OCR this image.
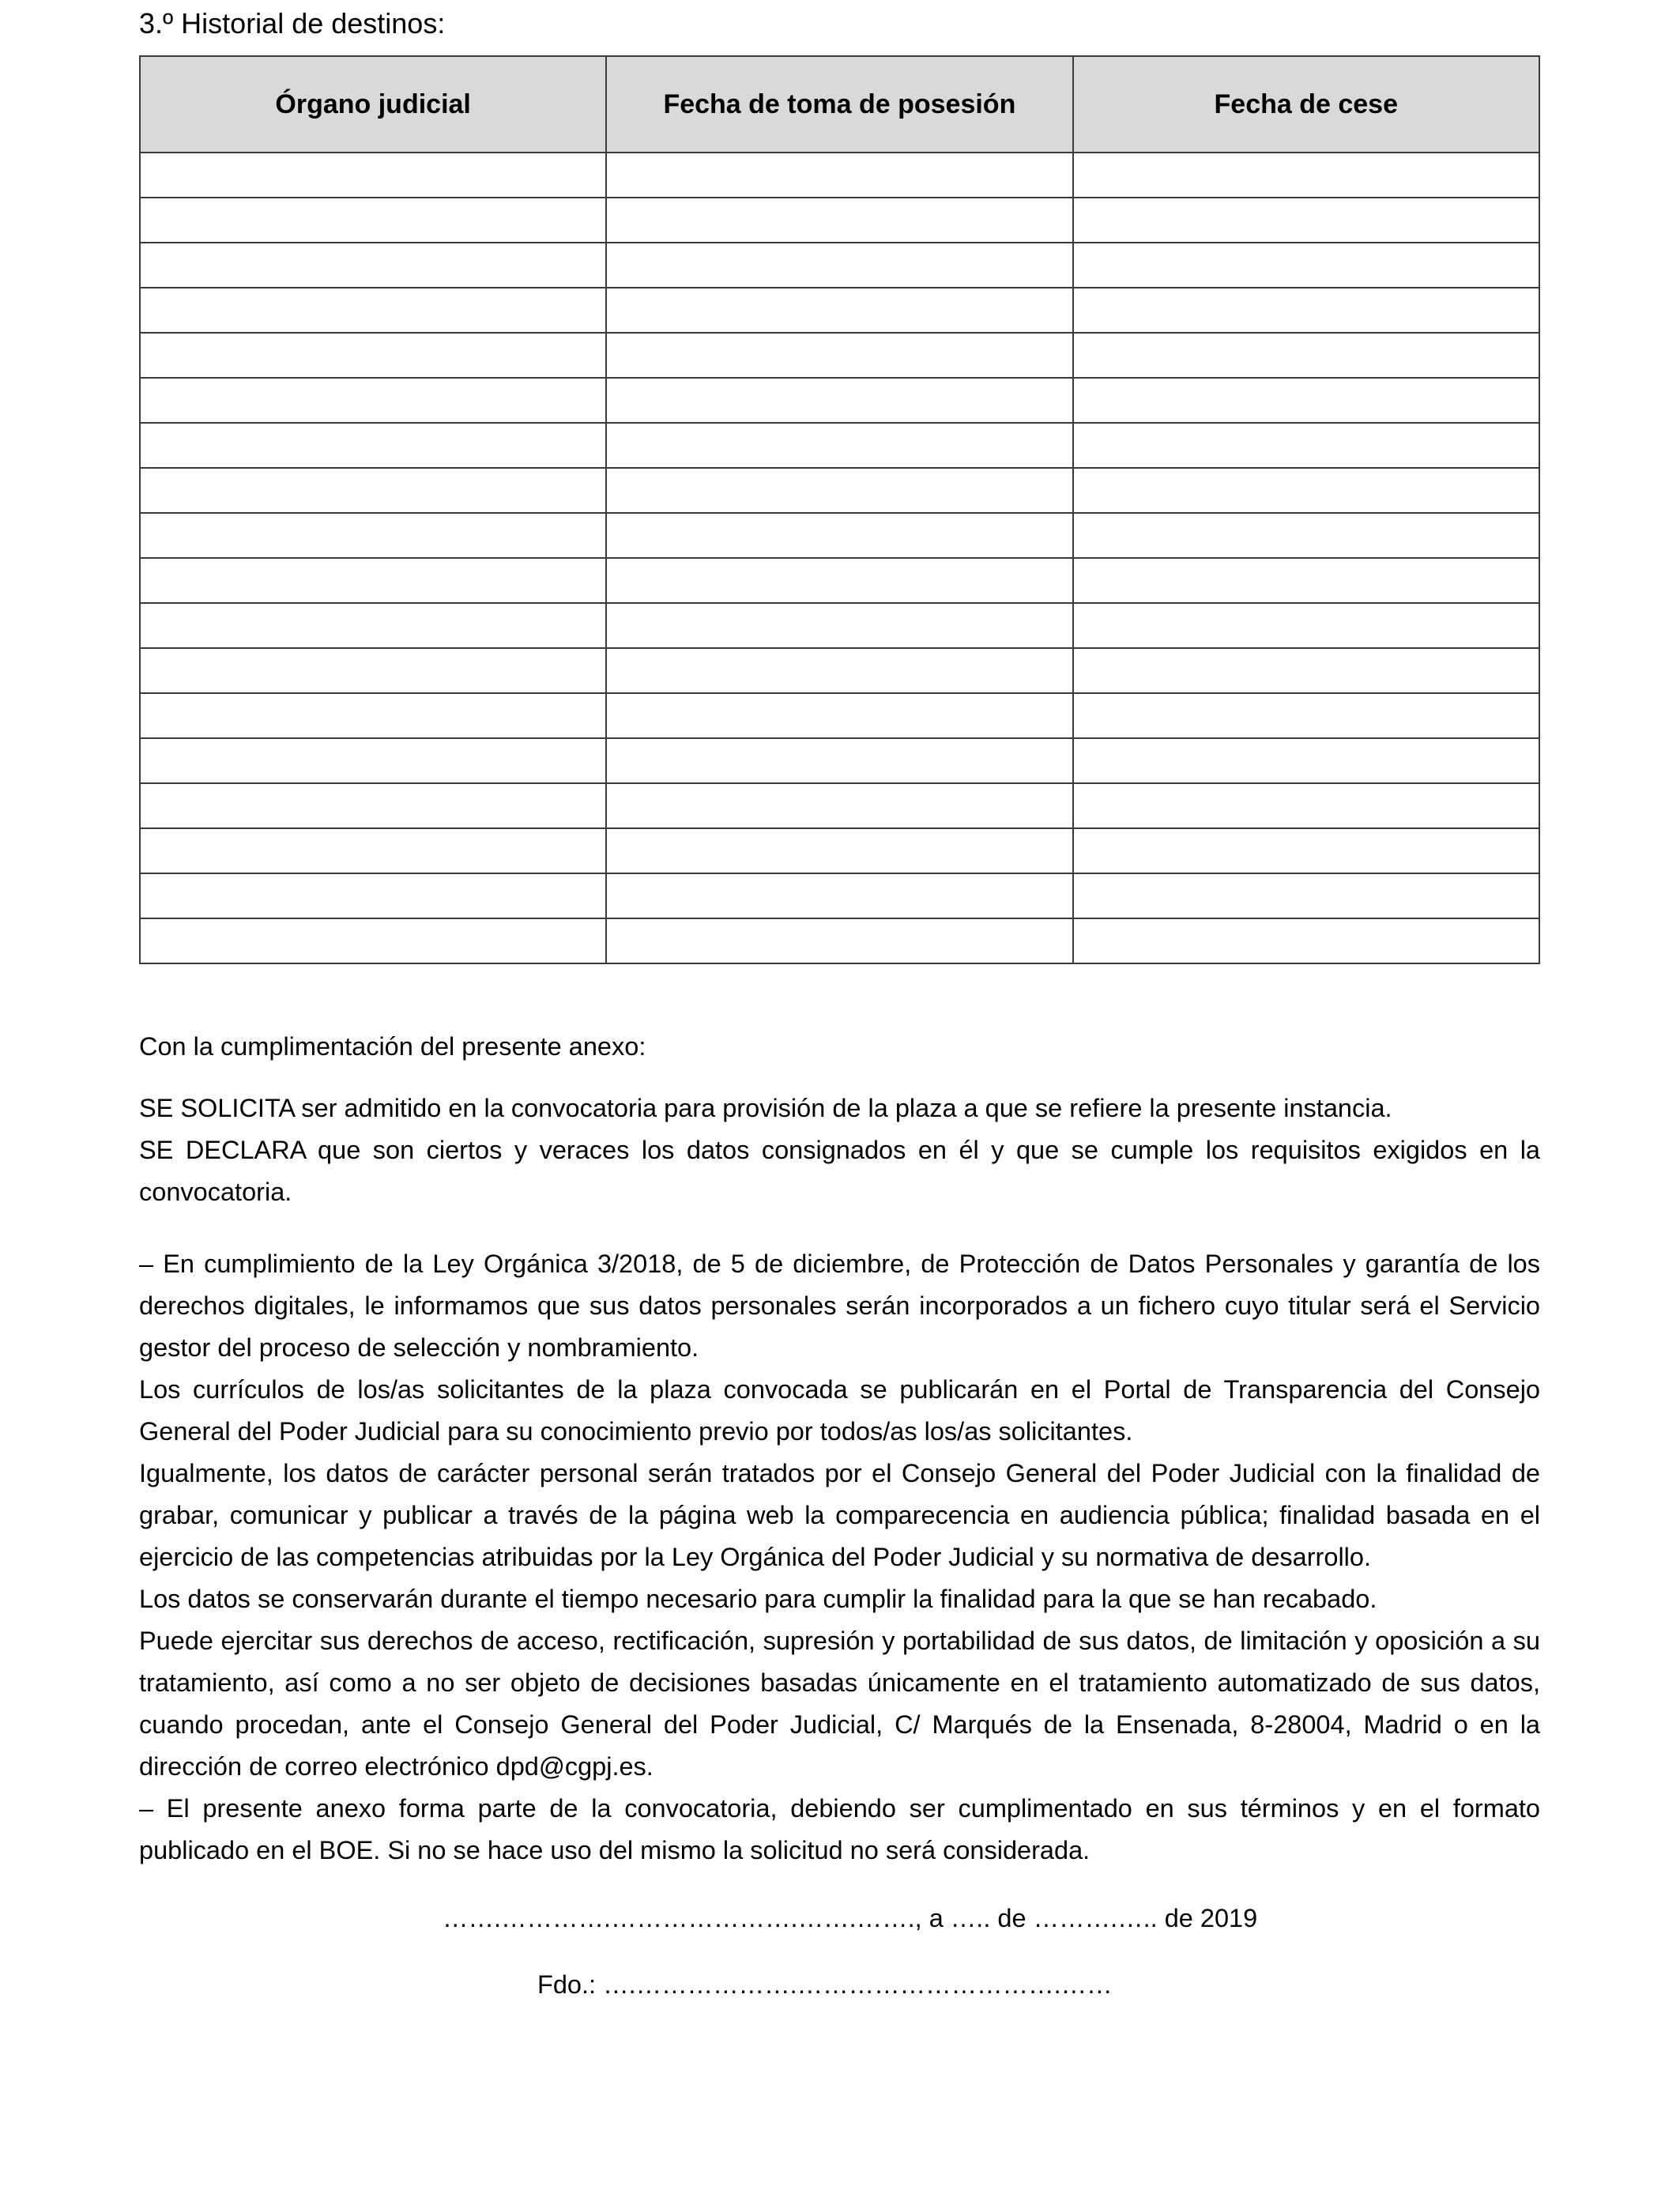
3.º Historial de destinos:
Órgano judicial	Fecha de toma de posesión	Fecha de cese

Con la cumplimentación del presente anexo:

SE SOLICITA ser admitido en la convocatoria para provisión de la plaza a que se refiere la presente instancia.

SE DECLARA que son ciertos y veraces los datos consignados en él y que se cumple los requisitos exigidos en la convocatoria.

– En cumplimiento de la Ley Orgánica 3/2018, de 5 de diciembre, de Protección de Datos Personales y garantía de los derechos digitales, le informamos que sus datos personales serán incorporados a un fichero cuyo titular será el Servicio gestor del proceso de selección y nombramiento.

Los currículos de los/as solicitantes de la plaza convocada se publicarán en el Portal de Transparencia del Consejo General del Poder Judicial para su conocimiento previo por todos/as los/as solicitantes.

Igualmente, los datos de carácter personal serán tratados por el Consejo General del Poder Judicial con la finalidad de grabar, comunicar y publicar a través de la página web la comparecencia en audiencia pública; finalidad basada en el ejercicio de las competencias atribuidas por la Ley Orgánica del Poder Judicial y su normativa de desarrollo.

Los datos se conservarán durante el tiempo necesario para cumplir la finalidad para la que se han recabado.

Puede ejercitar sus derechos de acceso, rectificación, supresión y portabilidad de sus datos, de limitación y oposición a su tratamiento, así como a no ser objeto de decisiones basadas únicamente en el tratamiento automatizado de sus datos, cuando procedan, ante el Consejo General del Poder Judicial, C/ Marqués de la Ensenada, 8-28004, Madrid o en la dirección de correo electrónico dpd@cgpj.es.

– El presente anexo forma parte de la convocatoria, debiendo ser cumplimentado en sus términos y en el formato publicado en el BOE. Si no se hace uso del mismo la solicitud no será considerada.

…….………….………………….…….……., a ….. de ……….….. de 2019
Fdo.: ….……………….………………………….……
